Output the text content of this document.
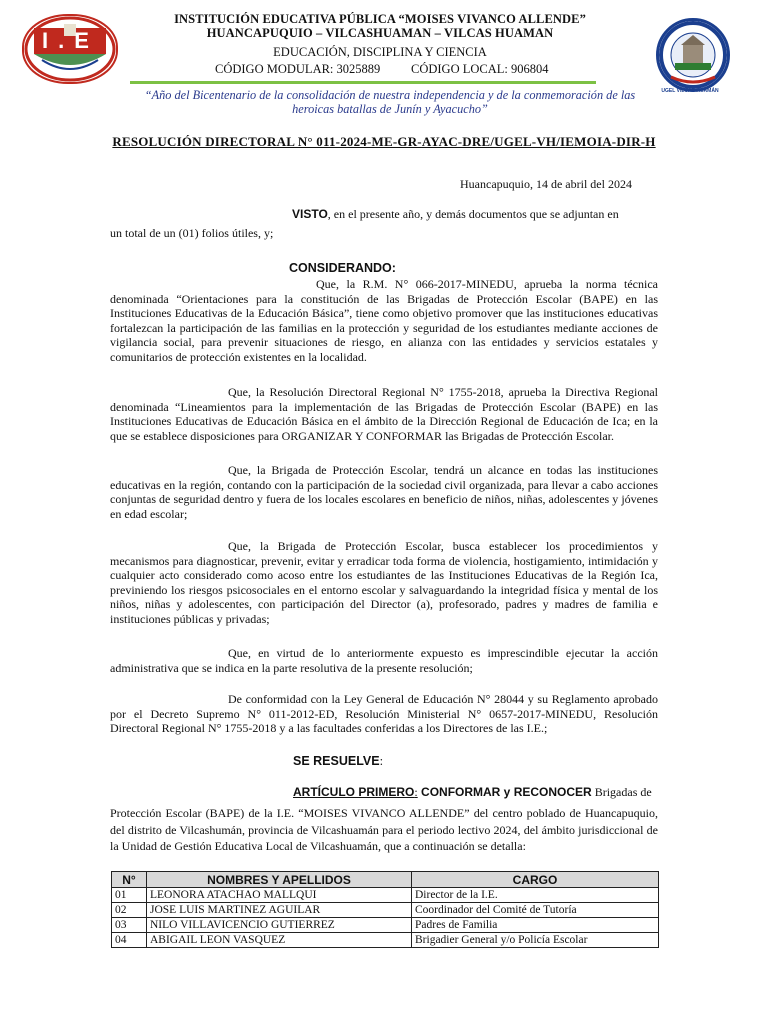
I.E
UGEL VILCAS HUAMÁN
INSTITUCIÓN EDUCATIVA PÚBLICA “MOISES VIVANCO ALLENDE”
HUANCAPUQUIO – VILCASHUAMAN – VILCAS HUAMAN
EDUCACIÓN, DISCIPLINA Y CIENCIA
CÓDIGO MODULAR: 3025889 CÓDIGO LOCAL: 906804
“Año del Bicentenario de la consolidación de nuestra independencia y de la conmemoración de las
heroicas batallas de Junín y Ayacucho”
RESOLUCIÓN DIRECTORAL N° 011-2024-ME-GR-AYAC-DRE/UGEL-VH/IEMOIA-DIR-H
Huancapuquio, 14 de abril del 2024
VISTO, en el presente año, y demás documentos que se adjuntan en
un total de un (01) folios útiles, y;
CONSIDERANDO:
Que, la R.M. N° 066-2017-MINEDU, aprueba la norma técnica denominada “Orientaciones para la constitución de las Brigadas de Protección Escolar (BAPE) en las Instituciones Educativas de la Educación Básica”, tiene como objetivo promover que las instituciones educativas fortalezcan la participación de las familias en la protección y seguridad de los estudiantes mediante acciones de vigilancia social, para prevenir situaciones de riesgo, en alianza con las entidades y servicios estatales y comunitarios de protección existentes en la localidad.
Que, la Resolución Directoral Regional N° 1755-2018, aprueba la Directiva Regional denominada “Lineamientos para la implementación de las Brigadas de Protección Escolar (BAPE) en las Instituciones Educativas de Educación Básica en el ámbito de la Dirección Regional de Educación de Ica; en la que se establece disposiciones para ORGANIZAR Y CONFORMAR las Brigadas de Protección Escolar.
Que, la Brigada de Protección Escolar, tendrá un alcance en todas las instituciones educativas en la región, contando con la participación de la sociedad civil organizada, para llevar a cabo acciones conjuntas de seguridad dentro y fuera de los locales escolares en beneficio de niños, niñas, adolescentes y jóvenes en edad escolar;
Que, la Brigada de Protección Escolar, busca establecer los procedimientos y mecanismos para diagnosticar, prevenir, evitar y erradicar toda forma de violencia, hostigamiento, intimidación y cualquier acto considerado como acoso entre los estudiantes de las Instituciones Educativas de la Región Ica, previniendo los riesgos psicosociales en el entorno escolar y salvaguardando la integridad física y mental de los niños, niñas y adolescentes, con participación del Director (a), profesorado, padres y madres de familia e instituciones públicas y privadas;
Que, en virtud de lo anteriormente expuesto es imprescindible ejecutar la acción administrativa que se indica en la parte resolutiva de la presente resolución;
De conformidad con la Ley General de Educación N° 28044 y su Reglamento aprobado por el Decreto Supremo N° 011-2012-ED, Resolución Ministerial N° 0657-2017-MINEDU, Resolución Directoral Regional N° 1755-2018 y a las facultades conferidas a los Directores de las I.E.;
SE RESUELVE:
ARTÍCULO PRIMERO: CONFORMAR y RECONOCER Brigadas de
Protección Escolar (BAPE) de la I.E. “MOISES VIVANCO ALLENDE” del centro poblado de Huancapuquio, del distrito de Vilcashumán, provincia de Vilcashuamán para el periodo lectivo 2024, del ámbito jurisdiccional de la Unidad de Gestión Educativa Local de Vilcashuamán, que a continuación se detalla:
N°	NOMBRES Y APELLIDOS	CARGO
01	LEONORA ATACHAO MALLQUI	Director de la I.E.
02	JOSE LUIS MARTINEZ AGUILAR	Coordinador del Comité de Tutoría
03	NILO VILLAVICENCIO GUTIERREZ	Padres de Familia
04	ABIGAIL LEON VASQUEZ	Brigadier General y/o Policía Escolar
